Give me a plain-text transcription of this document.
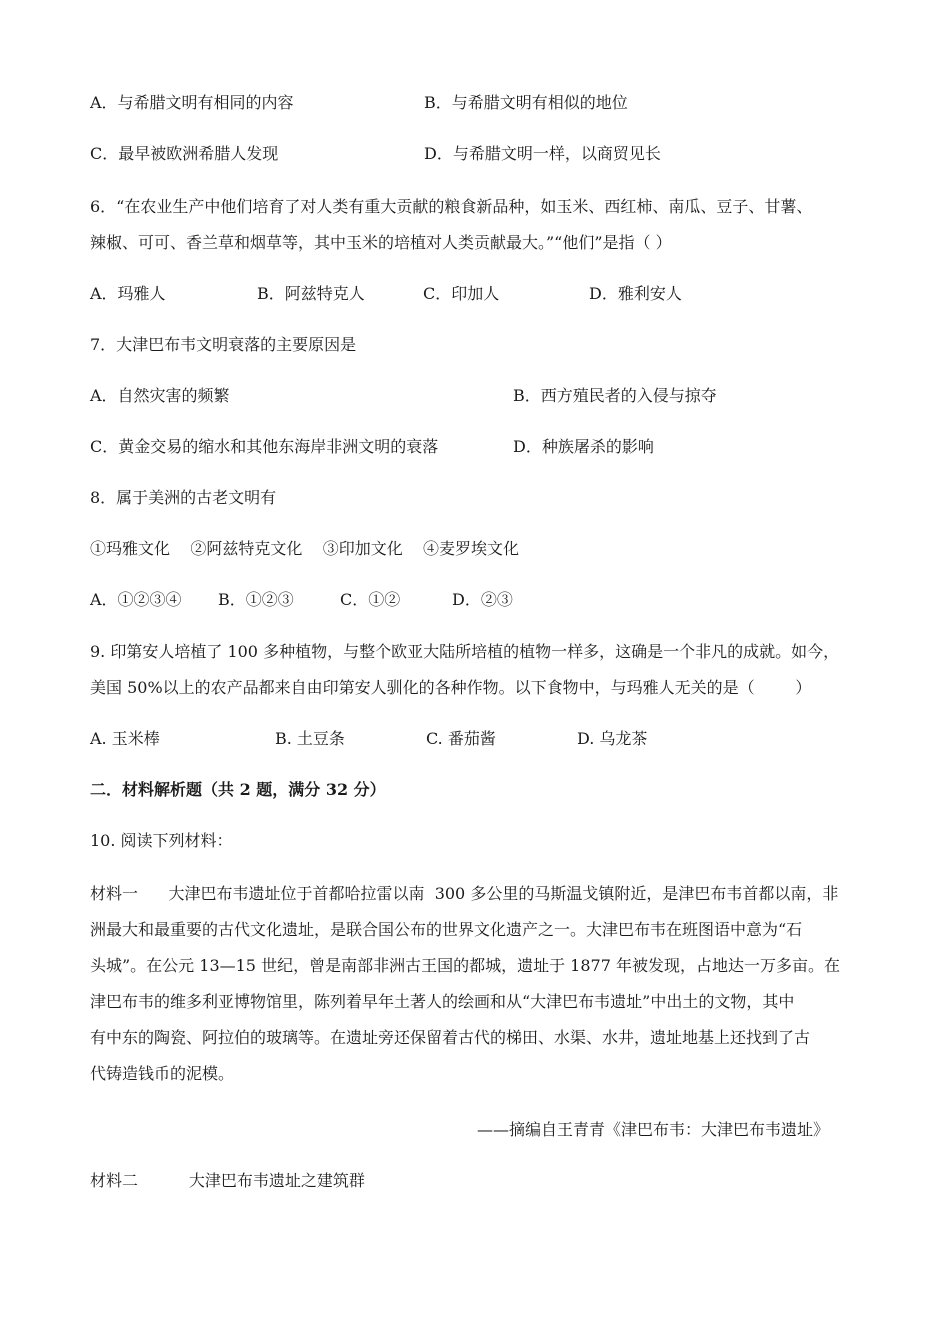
A．与希腊文明有相同的内容	B．与希腊文明有相似的地位
C．最早被欧洲希腊人发现	D．与希腊文明一样，以商贸见长
6．“在农业生产中他们培育了对人类有重大贡献的粮食新品种，如玉米、西红柿、南瓜、豆子、甘薯、
辣椒、可可、香兰草和烟草等，其中玉米的培植对人类贡献最大。”“他们”是指（ ）
A．玛雅人	B．阿兹特克人	C．印加人	D．雅利安人
7．大津巴布韦文明衰落的主要原因是
A．自然灾害的频繁	B．西方殖民者的入侵与掠夺
C．黄金交易的缩水和其他东海岸非洲文明的衰落	D．种族屠杀的影响
8．属于美洲的古老文明有
①玛雅文化    ②阿兹特克文化    ③印加文化    ④麦罗埃文化
A．①②③④ B．①②③	C．①②	D．②③
9. 印第安人培植了 100 多种植物，与整个欧亚大陆所培植的植物一样多，这确是一个非凡的成就。如今，
美国 50%以上的农产品都来自由印第安人驯化的各种作物。以下食物中，与玛雅人无关的是（        ）
A. 玉米棒	B. 土豆条	C. 番茄酱	D. 乌龙茶
二．材料解析题（共 2 题，满分 32 分）
10. 阅读下列材料：
材料一      大津巴布韦遗址位于首都哈拉雷以南  300 多公里的马斯温戈镇附近，是津巴布韦首都以南，非
洲最大和最重要的古代文化遗址，是联合国公布的世界文化遗产之一。大津巴布韦在班图语中意为“石
头城”。在公元 13—15 世纪，曾是南部非洲古王国的都城，遗址于 1877 年被发现，占地达一万多亩。在
津巴布韦的维多利亚博物馆里，陈列着早年土著人的绘画和从“大津巴布韦遗址”中出土的文物，其中
有中东的陶瓷、阿拉伯的玻璃等。在遗址旁还保留着古代的梯田、水渠、水井，遗址地基上还找到了古
代铸造钱币的泥模。
——摘编自王青青《津巴布韦：大津巴布韦遗址》
材料二          大津巴布韦遗址之建筑群
